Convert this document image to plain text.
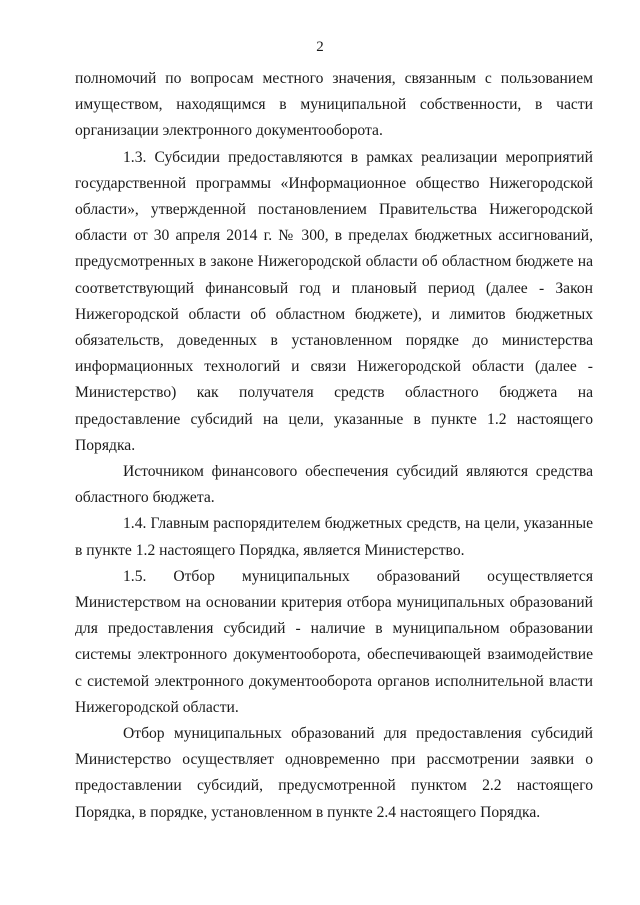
2

полномочий по вопросам местного значения, связанным с пользованием имуществом, находящимся в муниципальной собственности, в части организации электронного документооборота.

1.3. Субсидии предоставляются в рамках реализации мероприятий государственной программы «Информационное общество Нижегородской области», утвержденной постановлением Правительства Нижегородской области от 30 апреля 2014 г. № 300, в пределах бюджетных ассигнований, предусмотренных в законе Нижегородской области об областном бюджете на соответствующий финансовый год и плановый период (далее - Закон Нижегородской области об областном бюджете), и лимитов бюджетных обязательств, доведенных в установленном порядке до министерства информационных технологий и связи Нижегородской области (далее - Министерство) как получателя средств областного бюджета на предоставление субсидий на цели, указанные в пункте 1.2 настоящего Порядка.

Источником финансового обеспечения субсидий являются средства областного бюджета.

1.4. Главным распорядителем бюджетных средств, на цели, указанные в пункте 1.2 настоящего Порядка, является Министерство.

1.5. Отбор муниципальных образований осуществляется Министерством на основании критерия отбора муниципальных образований для предоставления субсидий - наличие в муниципальном образовании системы электронного документооборота, обеспечивающей взаимодействие с системой электронного документооборота органов исполнительной власти Нижегородской области.

Отбор муниципальных образований для предоставления субсидий Министерство осуществляет одновременно при рассмотрении заявки о предоставлении субсидий, предусмотренной пунктом 2.2 настоящего Порядка, в порядке, установленном в пункте 2.4 настоящего Порядка.
